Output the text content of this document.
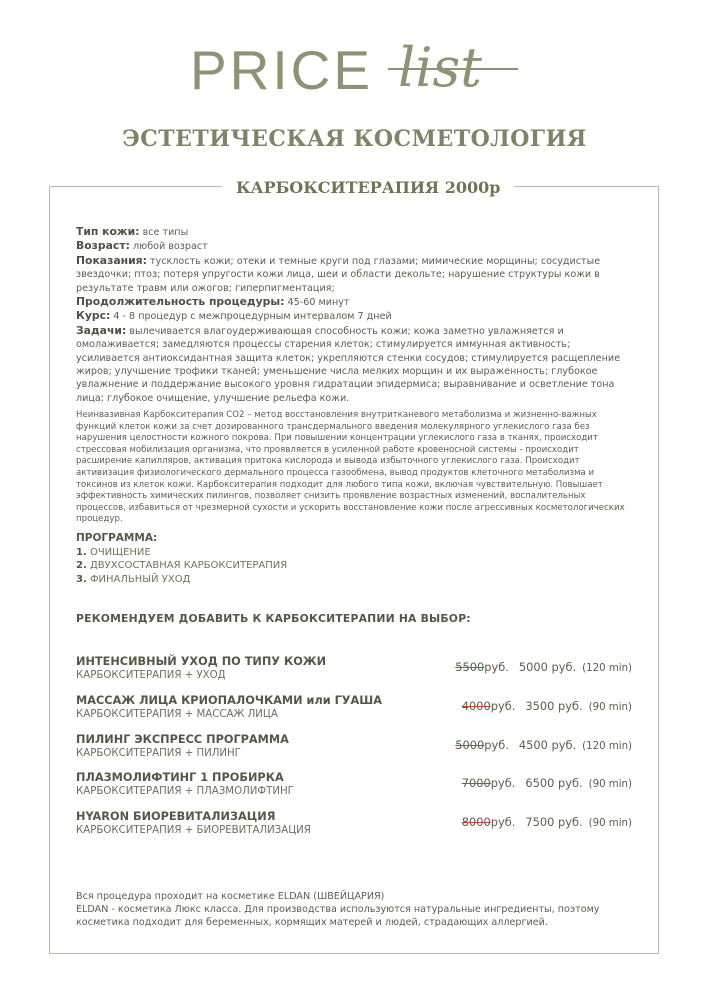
PRICE list
ЭСТЕТИЧЕСКАЯ КОСМЕТОЛОГИЯ
КАРБОКСИТЕРАПИЯ 2000р

Тип кожи: все типы

Возраст: любой возраст

Показания: тусклость кожи; отеки и темные круги под глазами; мимические морщины; сосудистые звездочки; птоз; потеря упругости кожи лица, шеи и области декольте; нарушение структуры кожи в результате травм или ожогов; гиперпигментация;

Продолжительность процедуры: 45-60 минут

Курс: 4 - 8 процедур с межпроцедурным интервалом 7 дней

Задачи: вылечивается влагоудерживающая способность кожи; кожа заметно увлажняется и омолаживается; замедляются процессы старения клеток; стимулируется иммунная активность; усиливается антиоксидантная защита клеток; укрепляются стенки сосудов; стимулируется расщепление жиров; улучшение трофики тканей; уменьшение числа мелких морщин и их выраженность; глубокое увлажнение и поддержание высокого уровня гидратации эпидермиса; выравнивание и осветление тона лица; глубокое очищение, улучшение рельефа кожи.

Неинвазивная Карбокситерапия CO2 – метод восстановления внутритканевого метаболизма и жизненно-важных функций клеток кожи за счет дозированного трансдермального введения молекулярного углекислого газа без нарушения целостности кожного покрова. При повышении концентрации углекислого газа в тканях, происходит стрессовая мобилизация организма, что проявляется в усиленной работе кровеносной системы - происходит расширение капилляров, активация притока кислорода и вывода избыточного углекислого газа. Происходит активизация физиологического дермального процесса газообмена, вывод продуктов клеточного метаболизма и токсинов из клеток кожи. Карбокситерапия подходит для любого типа кожи, включая чувствительную. Повышает эффективность химических пилингов, позволяет снизить проявление возрастных изменений, воспалительных процессов, избавиться от чрезмерной сухости и ускорить восстановление кожи после агрессивных косметологических процедур.

ПРОГРАММА:

1. ОЧИЩЕНИЕ

2. ДВУХСОСТАВНАЯ КАРБОКСИТЕРАПИЯ

3. ФИНАЛЬНЫЙ УХОД

РЕКОМЕНДУЕМ ДОБАВИТЬ К КАРБОКСИТЕРАПИИ НА ВЫБОР:

ИНТЕНСИВНЫЙ УХОД ПО ТИПУ КОЖИ
КАРБОКСИТЕРАПИЯ + УХОД
5500руб. 5000 руб. (120 min)
МАССАЖ ЛИЦА КРИОПАЛОЧКАМИ или ГУАША
КАРБОКСИТЕРАПИЯ + МАССАЖ ЛИЦА
4000руб. 3500 руб. (90 min)
ПИЛИНГ ЭКСПРЕСС ПРОГРАММА
КАРБОКСИТЕРАПИЯ + ПИЛИНГ
5000руб. 4500 руб. (120 min)
ПЛАЗМОЛИФТИНГ 1 ПРОБИРКА
КАРБОКСИТЕРАПИЯ + ПЛАЗМОЛИФТИНГ
7000руб. 6500 руб. (90 min)
HYARON БИОРЕВИТАЛИЗАЦИЯ
КАРБОКСИТЕРАПИЯ + БИОРЕВИТАЛИЗАЦИЯ
8000руб. 7500 руб. (90 min)

Вся процедура проходит на косметике ELDAN (ШВЕЙЦАРИЯ)

ELDAN - косметика Люкс класса. Для производства используются натуральные ингредиенты, поэтому косметика подходит для беременных, кормящих матерей и людей, страдающих аллергией.
